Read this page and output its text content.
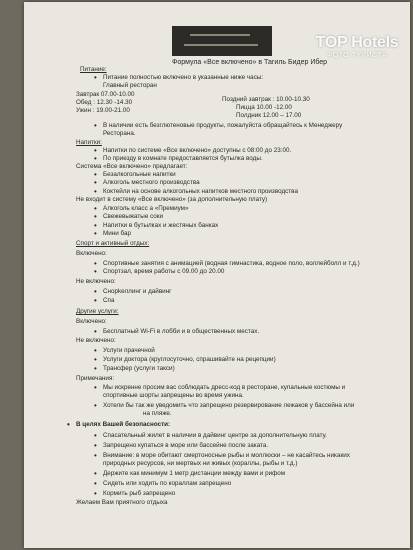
TOP Hotels
ФОТО ТУРИСТА
Формула «Все включено» в Тагиль Бидер Ибер
Питание:
• Питание полностью включено в указанные ниже часы:
Главный ресторан
Завтрак 07.00-10.00
Обед : 12.30 -14.30
Ужин : 19.00-21.00
Поздний завтрак : 10.00-10.30
Пицца 10.00 -12.00
Полдник 12.00 – 17.00
• В наличии есть безглютеновые продукты, пожалуйста обращайтесь к Менеджеру
Ресторана.
Напитки:
• Напитки по системе «Все включено» доступны с 08:00 до 23:00.
• По приезду в комнате предоставляется бутылка воды.
Система «Все включено» предлагает:
• Безалкогольные напитки
• Алкоголь местного производства
• Коктейли на основе алкогольных напитков местного производства
Не входит в систему «Все включено» (за дополнительную плату)
• Алкоголь класс а «Премиум»
• Свежевыжатые соки
• Напитки в бутылках и жестяных банках
• Мини бар
Спорт и активный отдых:
Включено:
• Спортивные занятия с анимацией (водная гимнастика, водное поло, воллейболл и т.д.)
• Спортзал, время работы с 09.00 до 20.00
Не включено:
• Снорkеллинг и дайвинг
• Спа
Другие услуги:
Включено:
• Бесплатный Wi-Fi в лобби и в общественных местах.
Не включено:
• Услуги прачечной
• Услуги доктора (круглосуточно, спрашивайте на рецепции)
• Трансфер (услуги такси)
Примечания:
• Мы искренне просим вас соблюдать дресс-код в ресторане, купальные костюмы и
спортивные шорты запрещены во время ужина.
• Хотели бы так же уведомить что запрещено резервирование лежаков у бассейна или
на пляже.
• В целях Вашей безопасности:
• Спасательный жилет в наличии в дайвинг центре за дополнительную плату.
• Запрещено купаться в море или бассейне после заката.
• Внимание: в море обитают смертоносные рыбы и моллюски – не касайтесь никаких
природных ресурсов, ни мертвых ни живых (кораллы, рыбы и т.д.)
• Держите как минимум 1 метр дистанции между вами и рифом
• Сидеть или ходить по кораллам запрещено
• Кормить рыб запрещено
Желаем Вам приятного отдыха
